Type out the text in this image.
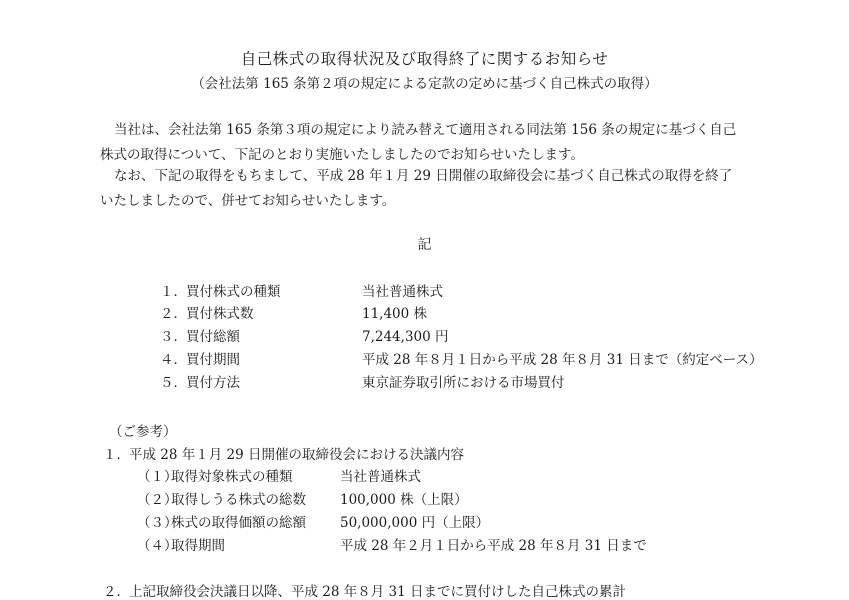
自己株式の取得状況及び取得終了に関するお知らせ
（会社法第 165 条第２項の規定による定款の定めに基づく自己株式の取得）
当社は、会社法第 165 条第３項の規定により読み替えて適用される同法第 156 条の規定に基づく自己
株式の取得について、下記のとおり実施いたしましたのでお知らせいたします。
なお、下記の取得をもちまして、平成 28 年１月 29 日開催の取締役会に基づく自己株式の取得を終了
いたしましたので、併せてお知らせいたします。
記
１．買付株式の種類	当社普通株式
２．買付株式数	11,400 株
３．買付総額	7,244,300 円
４．買付期間	平成 28 年８月１日から平成 28 年８月 31 日まで（約定ベース）
５．買付方法	東京証券取引所における市場買付
（ご参考）
１．平成 28 年１月 29 日開催の取締役会における決議内容
（１）取得対象株式の種類	当社普通株式
（２）取得しうる株式の総数	100,000 株（上限）
（３）株式の取得価額の総額	50,000,000 円（上限）
（４）取得期間	平成 28 年２月１日から平成 28 年８月 31 日まで
２．上記取締役会決議日以降、平成 28 年８月 31 日までに買付けした自己株式の累計
